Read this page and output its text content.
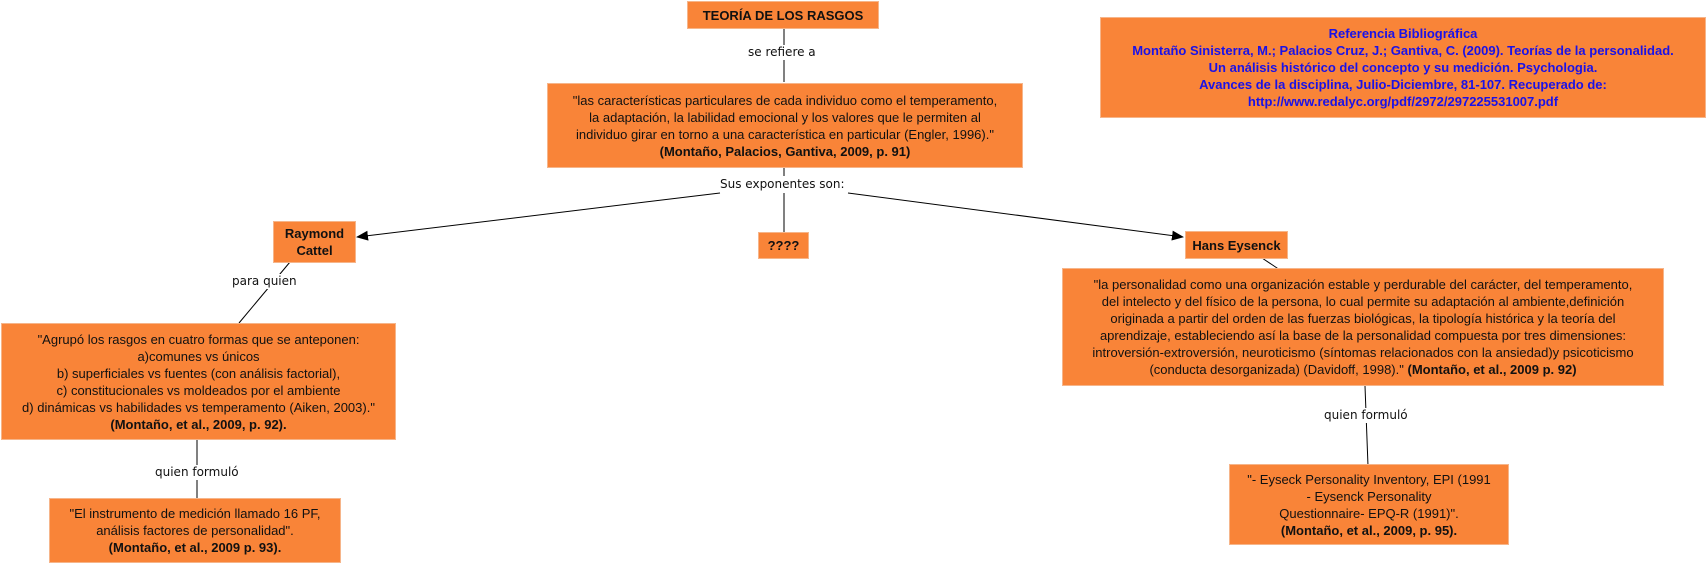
TEORÍA DE LOS RASGOS
se refiere a
"las características particulares de cada individuo como el temperamento,
la adaptación, la labilidad emocional y los valores que le permiten al
individuo girar en torno a una característica en particular (Engler, 1996)."
(Montaño, Palacios, Gantiva, 2009, p. 91)
Sus exponentes son:
Referencia Bibliográfica
Montaño Sinisterra, M.; Palacios Cruz, J.; Gantiva, C. (2009). Teorías de la personalidad.
Un análisis histórico del concepto y su medición. Psychologia.
Avances de la disciplina, Julio-Diciembre, 81-107. Recuperado de:
http://www.redalyc.org/pdf/2972/297225531007.pdf
Raymond
Cattel	????	Hans Eysenck
para quien
"Agrupó los rasgos en cuatro formas que se anteponen:
a)comunes vs únicos
b) superficiales vs fuentes (con análisis factorial),
c) constitucionales vs moldeados por el ambiente
d) dinámicas vs habilidades vs temperamento (Aiken, 2003)."
(Montaño, et al., 2009, p. 92).
quien formuló
"El instrumento de medición llamado 16 PF,
análisis factores de personalidad".
(Montaño, et al., 2009 p. 93).
"la personalidad como una organización estable y perdurable del carácter, del temperamento,
del intelecto y del físico de la persona, lo cual permite su adaptación al ambiente,definición
originada a partir del orden de las fuerzas biológicas, la tipología histórica y la teoría del
aprendizaje, estableciendo así la base de la personalidad compuesta por tres dimensiones:
introversión-extroversión, neuroticismo (síntomas relacionados con la ansiedad)y psicoticismo
(conducta desorganizada) (Davidoff, 1998)." (Montaño, et al., 2009 p. 92)
quien formuló
"- Eyseck Personality Inventory, EPI (1991
- Eysenck Personality
Questionnaire- EPQ-R (1991)".
(Montaño, et al., 2009, p. 95).
